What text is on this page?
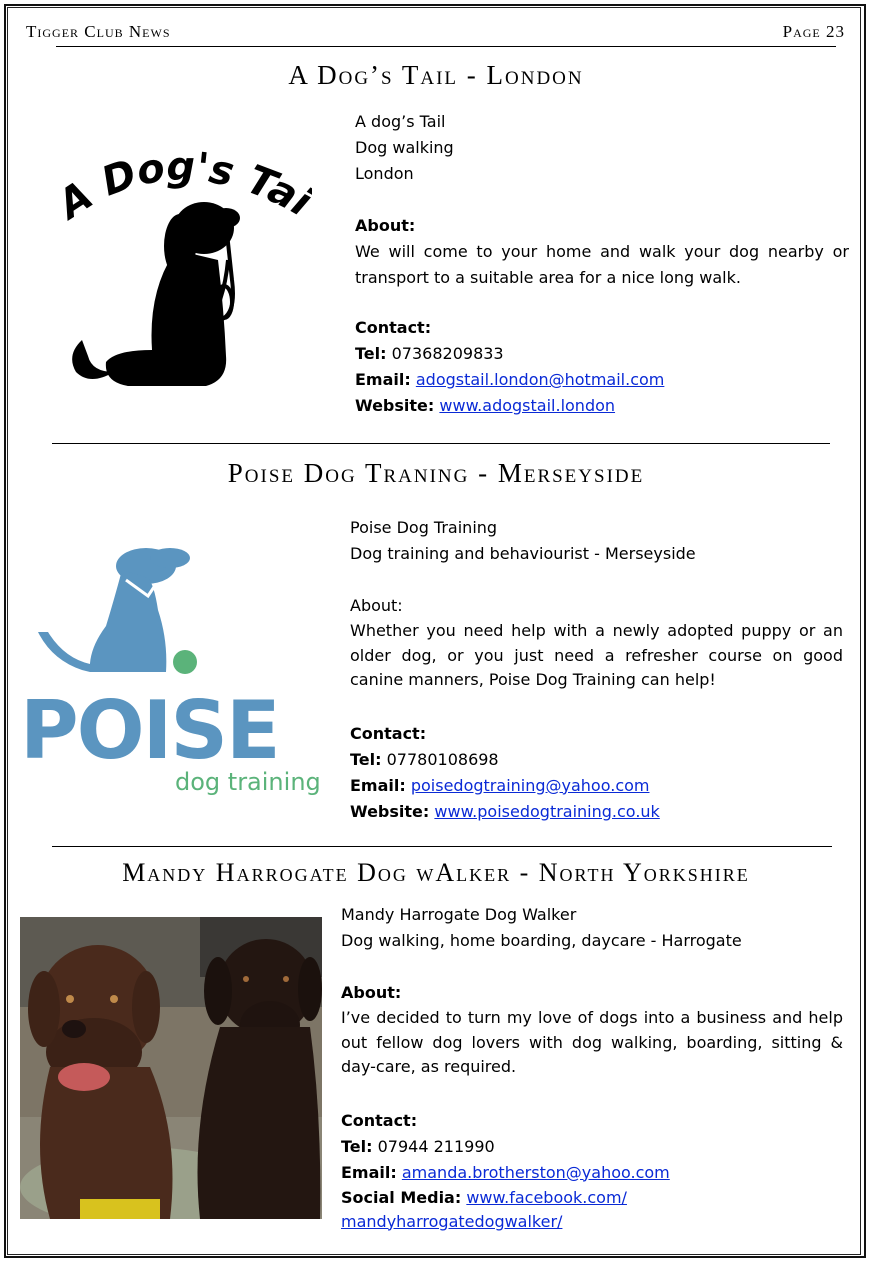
Tigger Club News	Page 23
A Dog’s Tail - London
Dog's Ta
A dog’s Tail
Dog walking
London
About:
We will come to your home and walk your dog nearby or transport to a suitable area for a nice long walk.
Contact:
Tel: 07368209833
Email: adogstail.london@hotmail.com
Website: www.adogstail.london
Poise Dog Traning - Merseyside
POISE
dog training
Poise Dog Training
Dog training and behaviourist - Merseyside
About:
Whether you need help with a newly adopted puppy or an older dog, or you just need a refresher course on good canine manners, Poise Dog Training can help!
Contact:
Tel: 07780108698
Email: poisedogtraining@yahoo.com
Website: www.poisedogtraining.co.uk
Mandy Harrogate Dog wAlker - North Yorkshire
Mandy Harrogate Dog Walker
Dog walking, home boarding, daycare - Harrogate
About:
I’ve decided to turn my love of dogs into a business and help out fellow dog lovers with dog walking, boarding, sitting & day-care, as required.
Contact:
Tel: 07944 211990
Email: amanda.brotherston@yahoo.com
Social Media: www.facebook.com/
mandyharrogatedogwalker/
